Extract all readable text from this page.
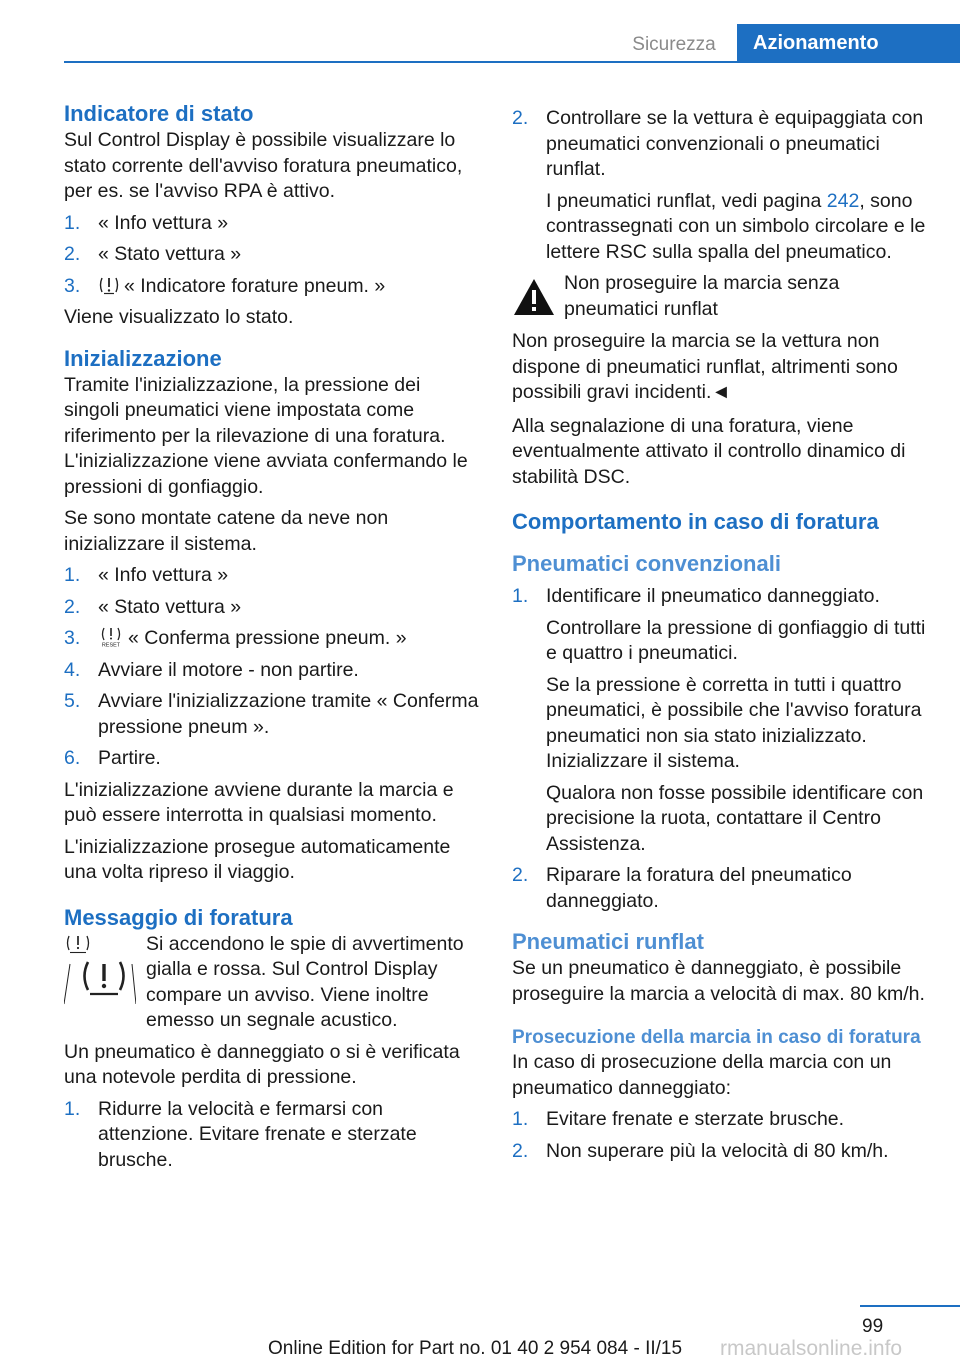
Sicurezza	Azionamento
Indicatore di stato

Sul Control Display è possibile visualizzare lo stato corrente dell'avviso foratura pneumatico, per es. se l'avviso RPA è attivo.

1. « Info vettura »
2. « Stato vettura »
3. « Indicatore forature pneum. »

Viene visualizzato lo stato.

Inizializzazione

Tramite l'inizializzazione, la pressione dei singoli pneumatici viene impostata come riferimento per la rilevazione di una foratura. L'inizializzazione viene avviata confermando le pressioni di gonfiaggio.

Se sono montate catene da neve non inizializzare il sistema.

1. « Info vettura »
2. « Stato vettura »
3.	RESET « Conferma pressione pneum. »
4. Avviare il motore - non partire.
5. Avviare l'inizializzazione tramite « Conferma pressione pneum ».
6. Partire.

L'inizializzazione avviene durante la marcia e può essere interrotta in qualsiasi momento.

L'inizializzazione prosegue automaticamente una volta ripreso il viaggio.

Messaggio di foratura

Si accendono le spie di avvertimento gialla e rossa. Sul Control Display compare un avviso. Viene inoltre emesso un segnale acustico.

Un pneumatico è danneggiato o si è verificata una notevole perdita di pressione.

1. Ridurre la velocità e fermarsi con attenzione. Evitare frenate e sterzate brusche.
2. Controllare se la vettura è equipaggiata con pneumatici convenzionali o pneumatici runflat.

I pneumatici runflat, vedi pagina 242, sono contrassegnati con un simbolo circolare e le lettere RSC sulla spalla del pneumatico.

Non proseguire la marcia senza pneumatici runflat

Non proseguire la marcia se la vettura non dispone di pneumatici runflat, altrimenti sono possibili gravi incidenti.◄

Alla segnalazione di una foratura, viene eventualmente attivato il controllo dinamico di stabilità DSC.

Comportamento in caso di foratura
Pneumatici convenzionali
1. Identificare il pneumatico danneggiato.

Controllare la pressione di gonfiaggio di tutti e quattro i pneumatici.

Se la pressione è corretta in tutti i quattro pneumatici, è possibile che l'avviso foratura pneumatici non sia stato inizializzato. Inizializzare il sistema.

Qualora non fosse possibile identificare con precisione la ruota, contattare il Centro Assistenza.

2. Riparare la foratura del pneumatico danneggiato.

Pneumatici runflat

Se un pneumatico è danneggiato, è possibile proseguire la marcia a velocità di max. 80 km/h.

Prosecuzione della marcia in caso di foratura

In caso di prosecuzione della marcia con un pneumatico danneggiato:

1. Evitare frenate e sterzate brusche.
2. Non superare più la velocità di 80 km/h.
99
Online Edition for Part no. 01 40 2 954 084 - II/15 rmanualsonline.info
